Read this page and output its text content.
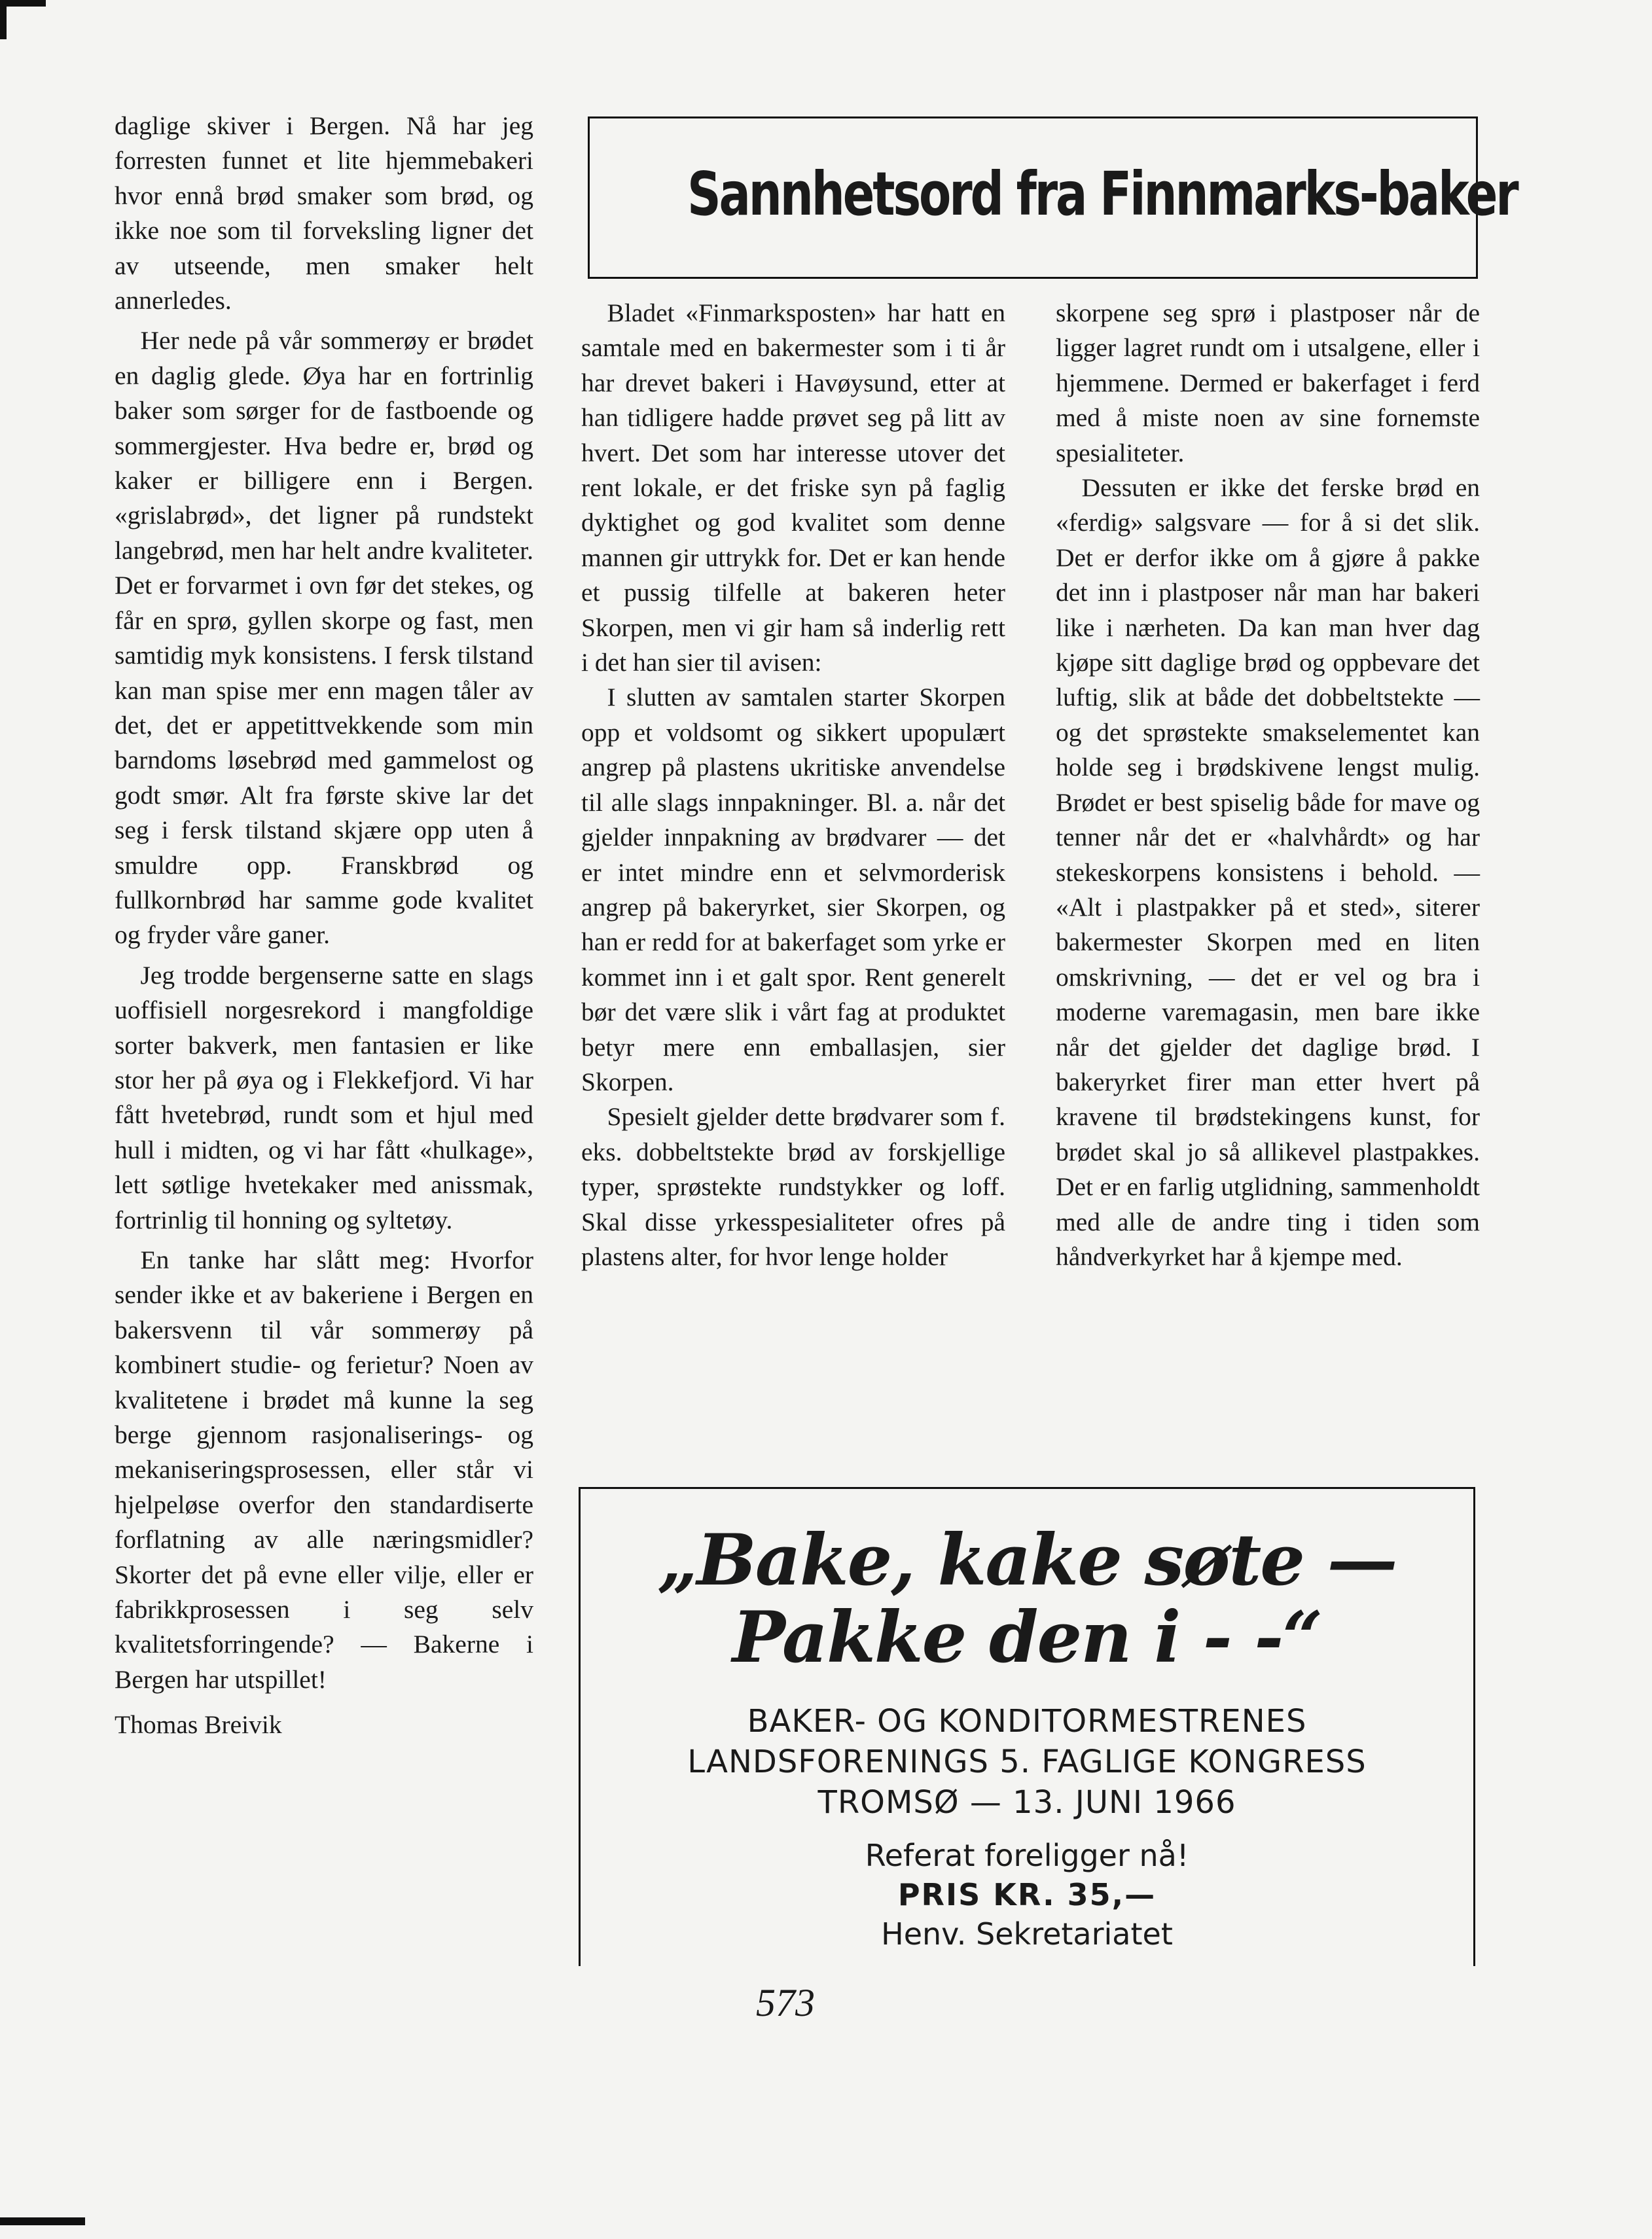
daglige skiver i Bergen. Nå har jeg forresten funnet et lite hjemmebakeri hvor ennå brød smaker som brød, og ikke noe som til forveksling ligner det av utseende, men smaker helt annerledes.

Her nede på vår sommerøy er brødet en daglig glede. Øya har en fortrinlig baker som sørger for de fastboende og sommergjester. Hva bedre er, brød og kaker er billigere enn i Bergen. «grislabrød», det ligner på rundstekt langebrød, men har helt andre kvaliteter. Det er forvarmet i ovn før det stekes, og får en sprø, gyllen skorpe og fast, men samtidig myk konsistens. I fersk tilstand kan man spise mer enn magen tåler av det, det er appetittvekkende som min barndoms løsebrød med gammelost og godt smør. Alt fra første skive lar det seg i fersk tilstand skjære opp uten å smuldre opp. Franskbrød og fullkornbrød har samme gode kvalitet og fryder våre ganer.

Jeg trodde bergenserne satte en slags uoffisiell norgesrekord i mangfoldige sorter bakverk, men fantasien er like stor her på øya og i Flekkefjord. Vi har fått hvetebrød, rundt som et hjul med hull i midten, og vi har fått «hulkage», lett søtlige hvetekaker med anissmak, fortrinlig til honning og syltetøy.

En tanke har slått meg: Hvorfor sender ikke et av bakeriene i Bergen en bakersvenn til vår sommerøy på kombinert studie- og ferietur? Noen av kvalitetene i brødet må kunne la seg berge gjennom rasjonaliserings- og mekaniseringsprosessen, eller står vi hjelpeløse overfor den standardiserte forflatning av alle næringsmidler? Skorter det på evne eller vilje, eller er fabrikkprosessen i seg selv kvalitetsforringende? — Bakerne i Bergen har utspillet!

Thomas Breivik

Sannhetsord fra Finnmarks-baker

Bladet «Finmarksposten» har hatt en samtale med en bakermester som i ti år har drevet bakeri i Havøysund, etter at han tidligere hadde prøvet seg på litt av hvert. Det som har interesse utover det rent lokale, er det friske syn på faglig dyktighet og god kvalitet som denne mannen gir uttrykk for. Det er kan hende et pussig tilfelle at bakeren heter Skorpen, men vi gir ham så inderlig rett i det han sier til avisen:

I slutten av samtalen starter Skorpen opp et voldsomt og sikkert upopulært angrep på plastens ukritiske anvendelse til alle slags innpakninger. Bl. a. når det gjelder innpakning av brødvarer — det er intet mindre enn et selvmorderisk angrep på bakeryrket, sier Skorpen, og han er redd for at bakerfaget som yrke er kommet inn i et galt spor. Rent generelt bør det være slik i vårt fag at produktet betyr mere enn emballasjen, sier Skorpen.

Spesielt gjelder dette brødvarer som f. eks. dobbeltstekte brød av forskjellige typer, sprøstekte rundstykker og loff. Skal disse yrkesspesialiteter ofres på plastens alter, for hvor lenge holder

skorpene seg sprø i plastposer når de ligger lagret rundt om i utsalgene, eller i hjemmene. Dermed er bakerfaget i ferd med å miste noen av sine fornemste spesialiteter.

Dessuten er ikke det ferske brød en «ferdig» salgsvare — for å si det slik. Det er derfor ikke om å gjøre å pakke det inn i plastposer når man har bakeri like i nærheten. Da kan man hver dag kjøpe sitt daglige brød og oppbevare det luftig, slik at både det dobbeltstekte — og det sprøstekte smakselementet kan holde seg i brødskivene lengst mulig. Brødet er best spiselig både for mave og tenner når det er «halvhårdt» og har stekeskorpens konsistens i behold. — «Alt i plastpakker på et sted», siterer bakermester Skorpen med en liten omskrivning, — det er vel og bra i moderne varemagasin, men bare ikke når det gjelder det daglige brød. I bakeryrket firer man etter hvert på kravene til brødstekingens kunst, for brødet skal jo så allikevel plastpakkes. Det er en farlig utglidning, sammenholdt med alle de andre ting i tiden som håndverkyrket har å kjempe med.

„Bake, kake søte —
Pakke den i - -“
BAKER- OG KONDITORMESTRENES
LANDSFORENINGS 5. FAGLIGE KONGRESS
TROMSØ — 13. JUNI 1966
Referat foreligger nå!
PRIS KR. 35,—
Henv. Sekretariatet
573
